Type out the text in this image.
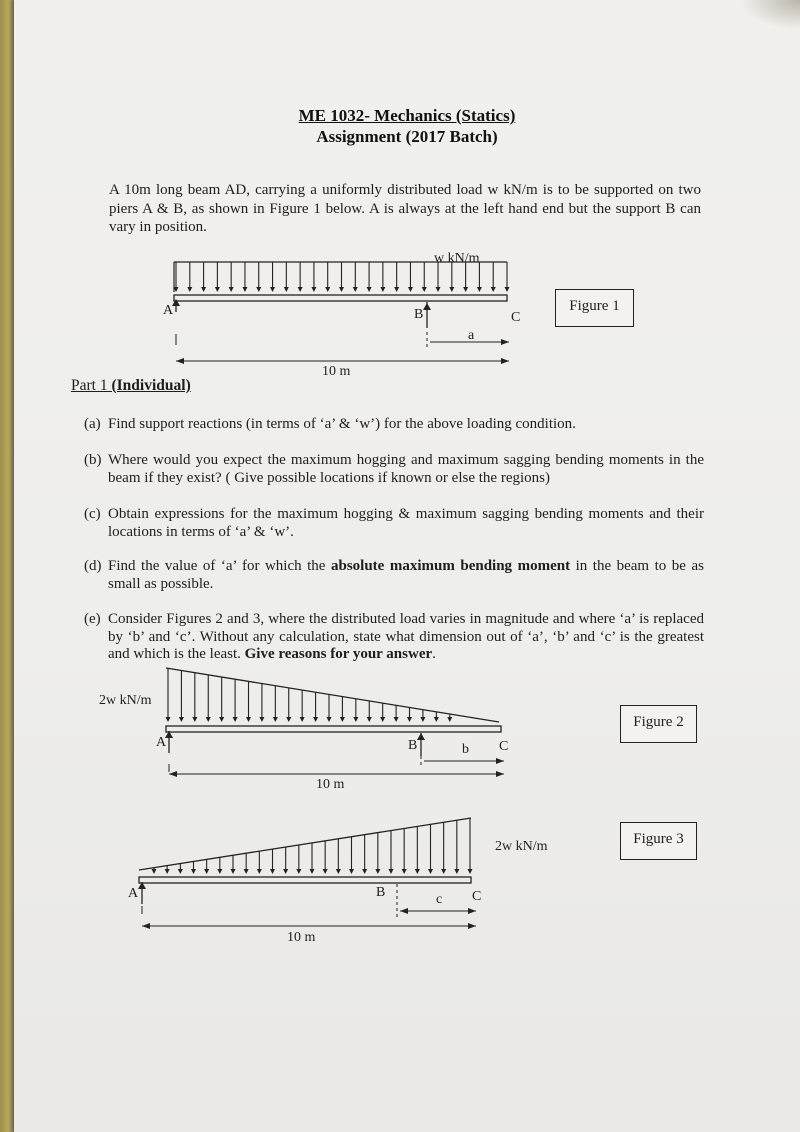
ME 1032- Mechanics (Statics)
Assignment (2017 Batch)
A 10m long beam AD, carrying a uniformly distributed load w kN/m is to be supported on two piers A & B, as shown in Figure 1 below. A is always at the left hand end but the support B can vary in position.
w kN/m
A	B	C
a
10 m
Figure 1
Part 1 (Individual)
(a) Find support reactions (in terms of ‘a’ & ‘w’) for the above loading condition.
(b) Where would you expect the maximum hogging and maximum sagging bending moments in the beam if they exist? ( Give possible locations if known or else the regions)
(c) Obtain expressions for the maximum hogging & maximum sagging bending moments and their locations in terms of ‘a’ & ‘w’.
(d) Find the value of ‘a’ for which the absolute maximum bending moment in the beam to be as small as possible.
(e) Consider Figures 2 and 3, where the distributed load varies in magnitude and where ‘a’ is replaced by ‘b’ and ‘c’. Without any calculation, state what dimension out of ‘a’, ‘b’ and ‘c’ is the greatest and which is the least. Give reasons for your answer.
2w kN/m
A	B	C
b
10 m
Figure 2
2w kN/m
A	B	C
c
10 m
Figure 3
